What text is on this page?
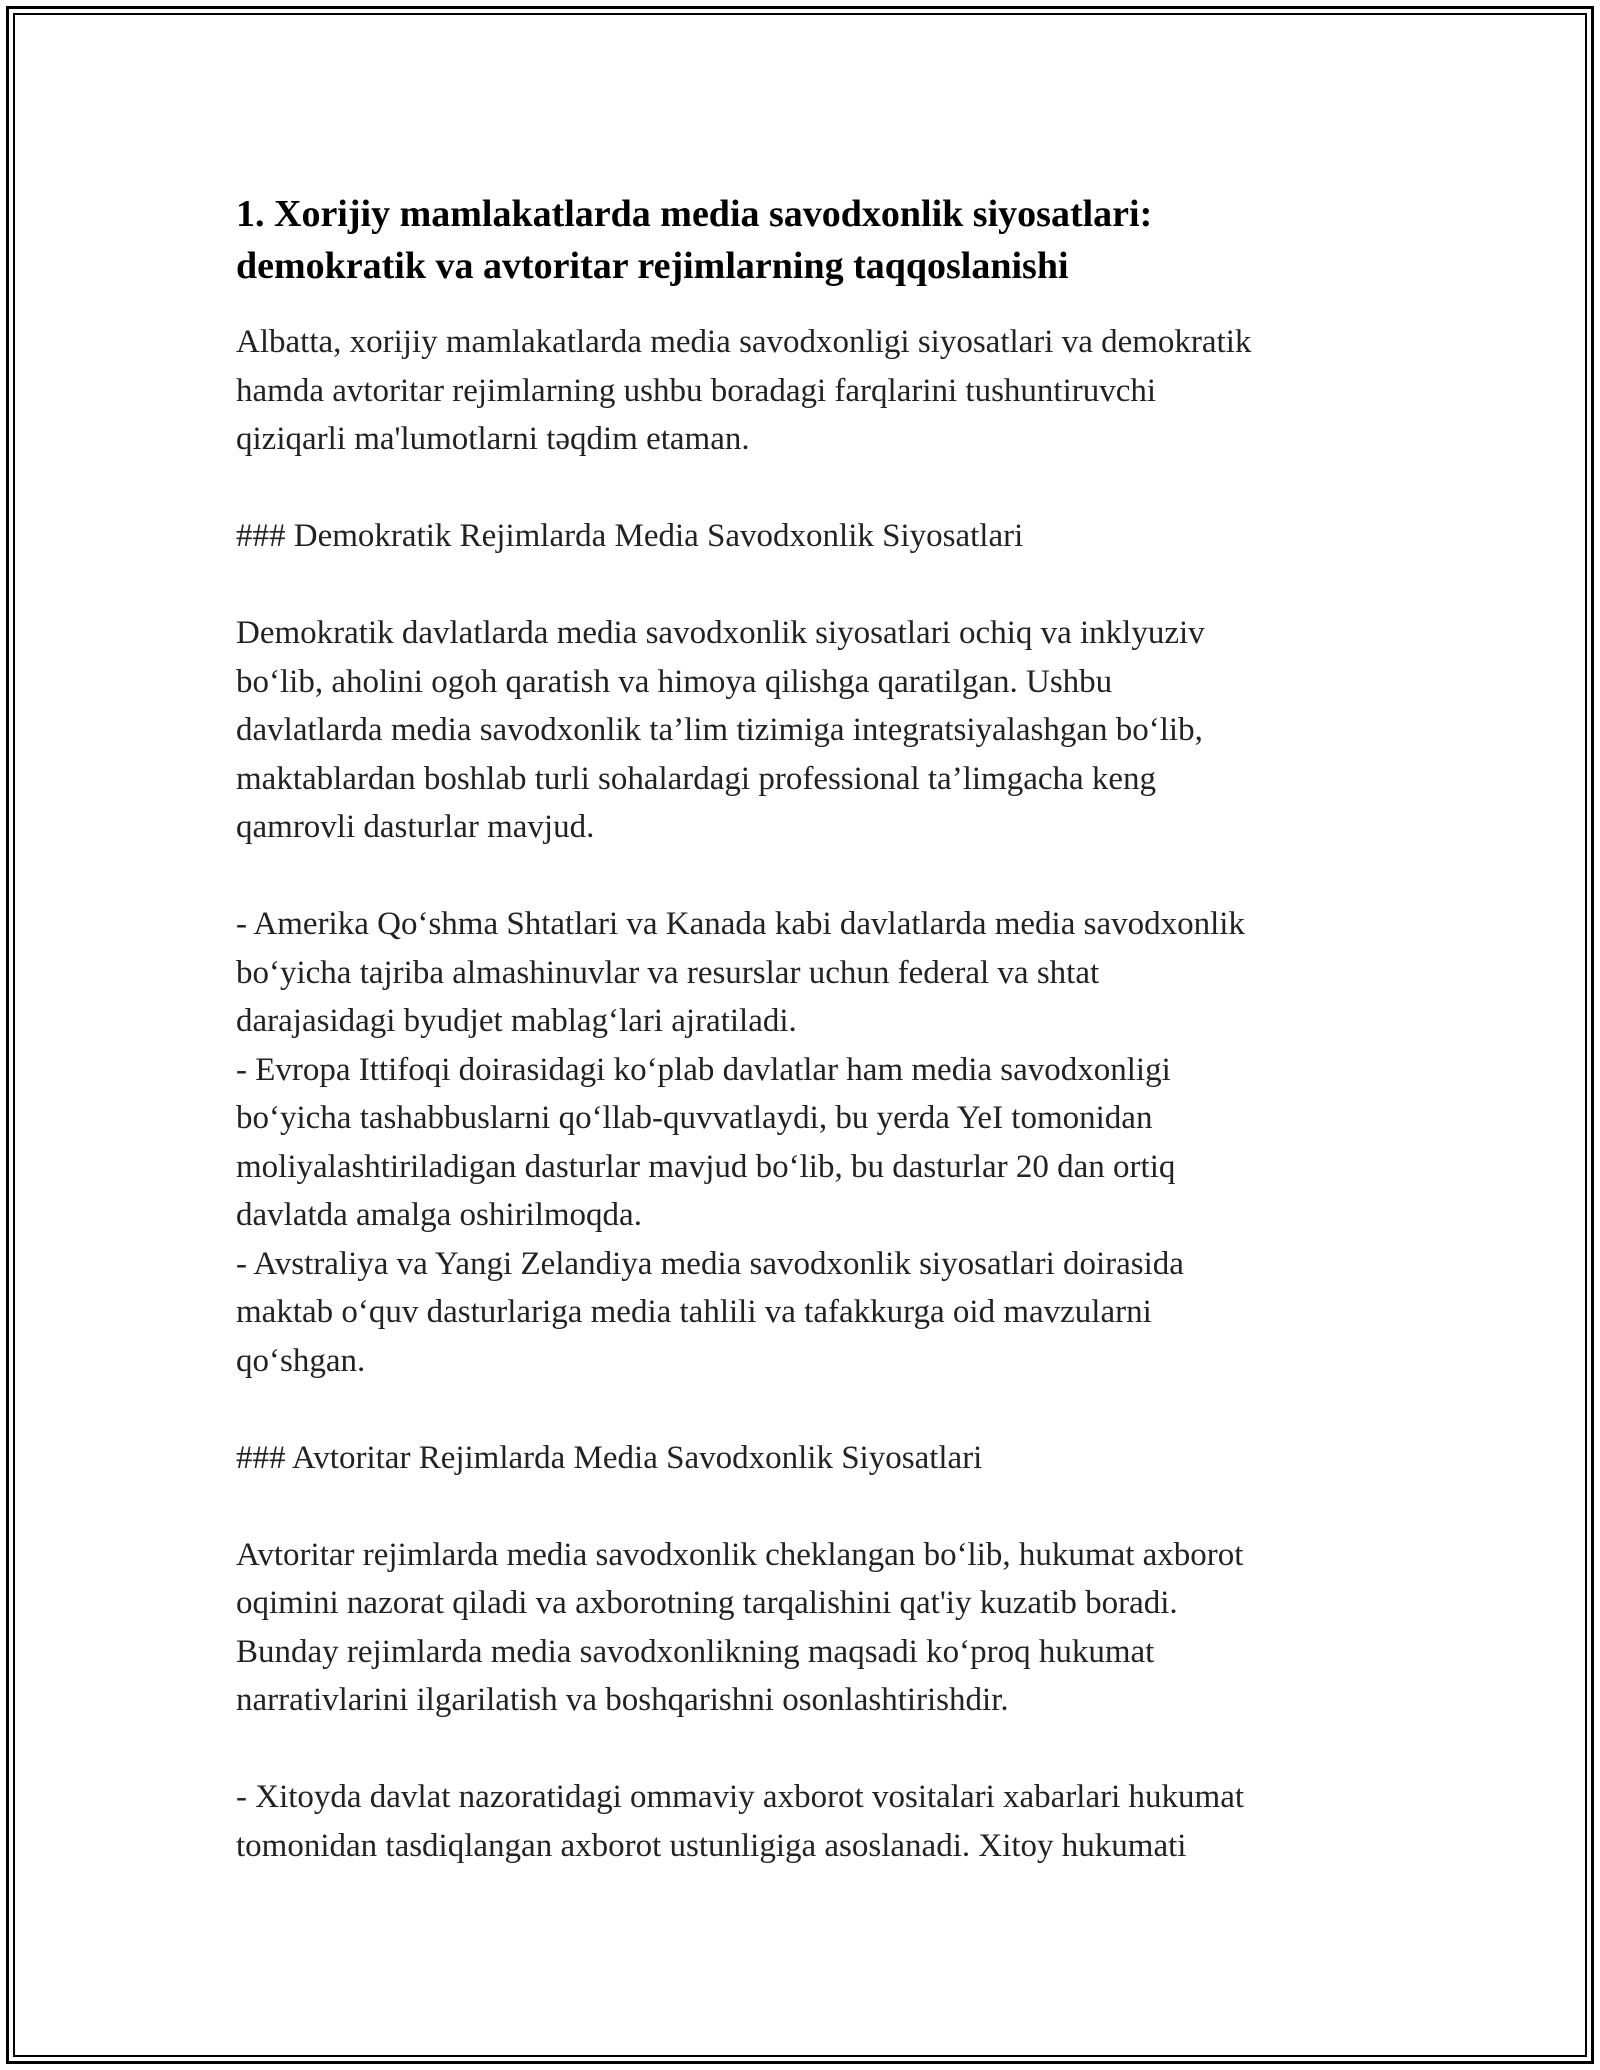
1. Xorijiy mamlakatlarda media savodxonlik siyosatlari:
demokratik va avtoritar rejimlarning taqqoslanishi

Albatta, xorijiy mamlakatlarda media savodxonligi siyosatlari va demokratik
hamda avtoritar rejimlarning ushbu boradagi farqlarini tushuntiruvchi
qiziqarli ma'lumotlarni təqdim etaman.

### Demokratik Rejimlarda Media Savodxonlik Siyosatlari

Demokratik davlatlarda media savodxonlik siyosatlari ochiq va inklyuziv
bo‘lib, aholini ogoh qaratish va himoya qilishga qaratilgan. Ushbu
davlatlarda media savodxonlik ta’lim tizimiga integratsiyalashgan bo‘lib,
maktablardan boshlab turli sohalardagi professional ta’limgacha keng
qamrovli dasturlar mavjud.

- Amerika Qo‘shma Shtatlari va Kanada kabi davlatlarda media savodxonlik
bo‘yicha tajriba almashinuvlar va resurslar uchun federal va shtat
darajasidagi byudjet mablag‘lari ajratiladi.
- Evropa Ittifoqi doirasidagi ko‘plab davlatlar ham media savodxonligi
bo‘yicha tashabbuslarni qo‘llab-quvvatlaydi, bu yerda YeI tomonidan
moliyalashtiriladigan dasturlar mavjud bo‘lib, bu dasturlar 20 dan ortiq
davlatda amalga oshirilmoqda.
- Avstraliya va Yangi Zelandiya media savodxonlik siyosatlari doirasida
maktab o‘quv dasturlariga media tahlili va tafakkurga oid mavzularni
qo‘shgan.

### Avtoritar Rejimlarda Media Savodxonlik Siyosatlari

Avtoritar rejimlarda media savodxonlik cheklangan bo‘lib, hukumat axborot
oqimini nazorat qiladi va axborotning tarqalishini qat'iy kuzatib boradi.
Bunday rejimlarda media savodxonlikning maqsadi ko‘proq hukumat
narrativlarini ilgarilatish va boshqarishni osonlashtirishdir.

- Xitoyda davlat nazoratidagi ommaviy axborot vositalari xabarlari hukumat
tomonidan tasdiqlangan axborot ustunligiga asoslanadi. Xitoy hukumati
